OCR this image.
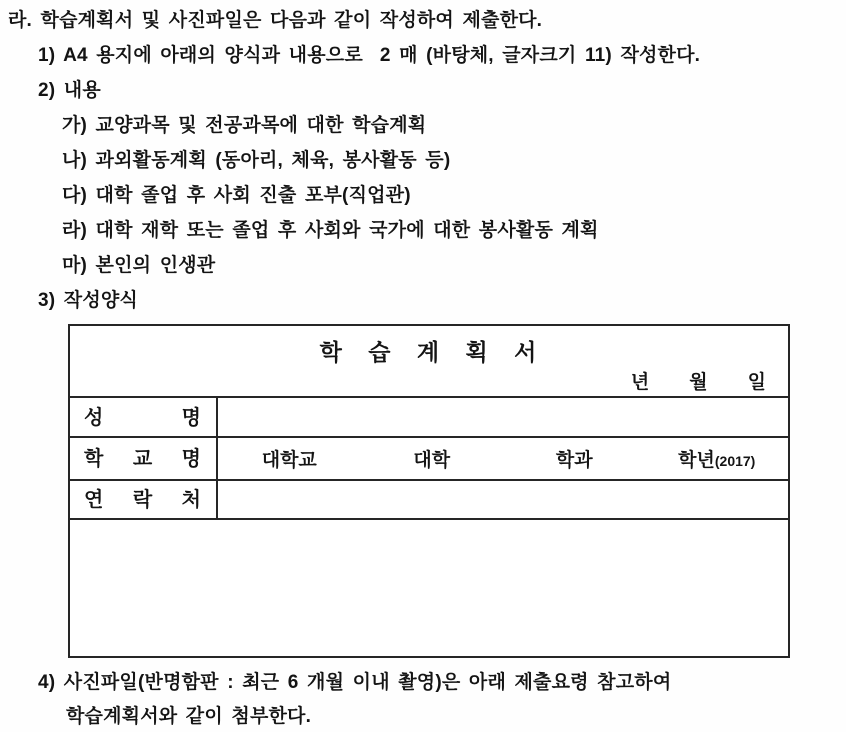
라. 학습계획서 및 사진파일은 다음과 같이 작성하여 제출한다.
1) A4 용지에 아래의 양식과 내용으로  2 매 (바탕체, 글자크기 11) 작성한다.
2) 내용
가) 교양과목 및 전공과목에 대한 학습계획
나) 과외활동계획 (동아리, 체육, 봉사활동 등)
다) 대학 졸업 후 사회 진출 포부(직업관)
라) 대학 재학 또는 졸업 후 사회와 국가에 대한 봉사활동 계획
마) 본인의 인생관
3) 작성양식
학 습 계 획 서
년 월 일
성 명
학 교 명	대학교	대학	학과	학년(2017)
연 락 처
4) 사진파일(반명함판 : 최근 6 개월 이내 촬영)은 아래 제출요령 참고하여
학습계획서와 같이 첨부한다.
